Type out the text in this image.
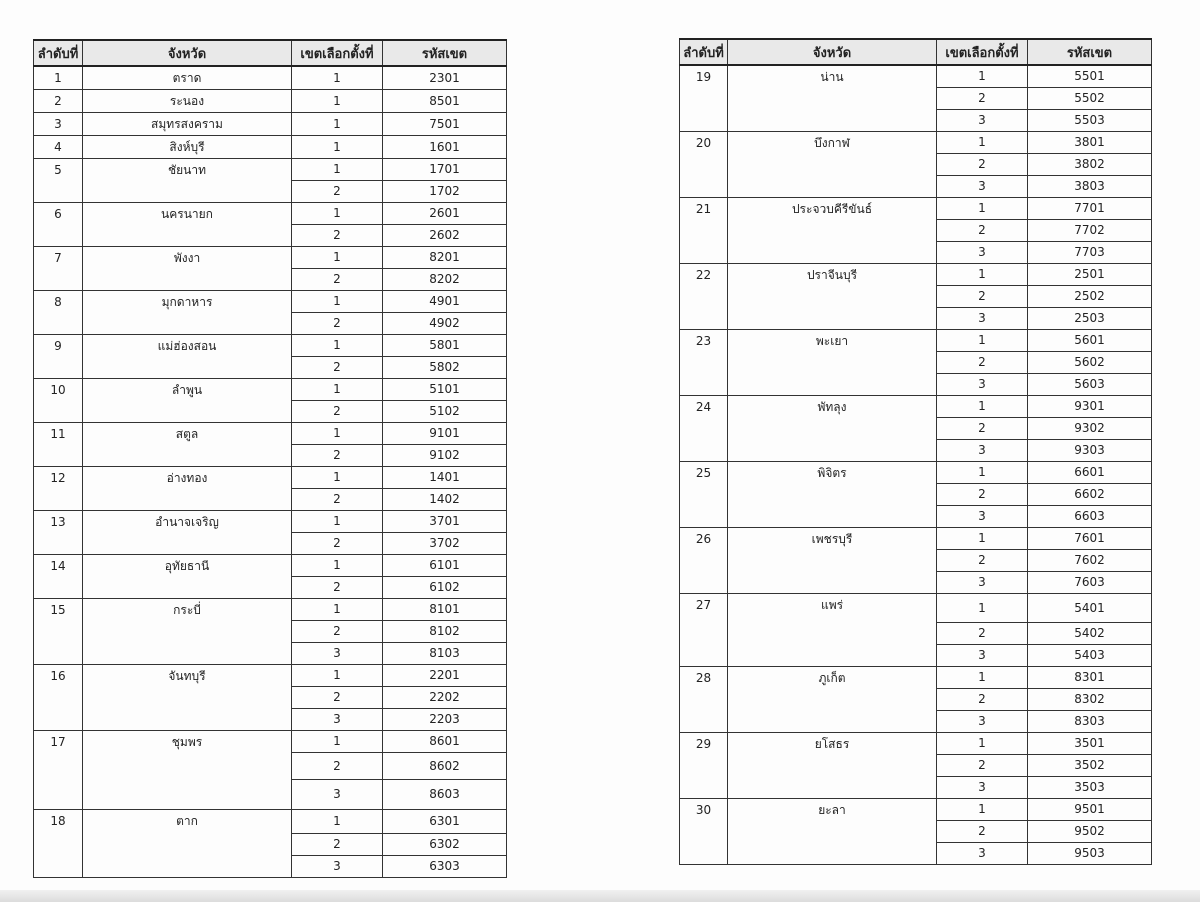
ลำดับที่	จังหวัด	เขตเลือกตั้งที่	รหัสเขต
1	ตราด	1	2301
2	ระนอง	1	8501
3	สมุทรสงคราม	1	7501
4	สิงห์บุรี	1	1601
5	ชัยนาท	1	1701
		2	1702
6	นครนายก	1	2601
		2	2602
7	พังงา	1	8201
		2	8202
8	มุกดาหาร	1	4901
		2	4902
9	แม่ฮ่องสอน	1	5801
		2	5802
10	ลำพูน	1	5101
		2	5102
11	สตูล	1	9101
		2	9102
12	อ่างทอง	1	1401
		2	1402
13	อำนาจเจริญ	1	3701
		2	3702
14	อุทัยธานี	1	6101
		2	6102
15	กระบี่	1	8101
		2	8102
		3	8103
16	จันทบุรี	1	2201
		2	2202
		3	2203
17	ชุมพร	1	8601
		2	8602
		3	8603
18	ตาก	1	6301
		2	6302
		3	6303
ลำดับที่	จังหวัด	เขตเลือกตั้งที่	รหัสเขต
19	น่าน	1	5501
		2	5502
		3	5503
20	บึงกาฬ	1	3801
		2	3802
		3	3803
21	ประจวบคีรีขันธ์	1	7701
		2	7702
		3	7703
22	ปราจีนบุรี	1	2501
		2	2502
		3	2503
23	พะเยา	1	5601
		2	5602
		3	5603
24	พัทลุง	1	9301
		2	9302
		3	9303
25	พิจิตร	1	6601
		2	6602
		3	6603
26	เพชรบุรี	1	7601
		2	7602
		3	7603
27	แพร่	1	5401
		2	5402
		3	5403
28	ภูเก็ต	1	8301
		2	8302
		3	8303
29	ยโสธร	1	3501
		2	3502
		3	3503
30	ยะลา	1	9501
		2	9502
		3	9503
